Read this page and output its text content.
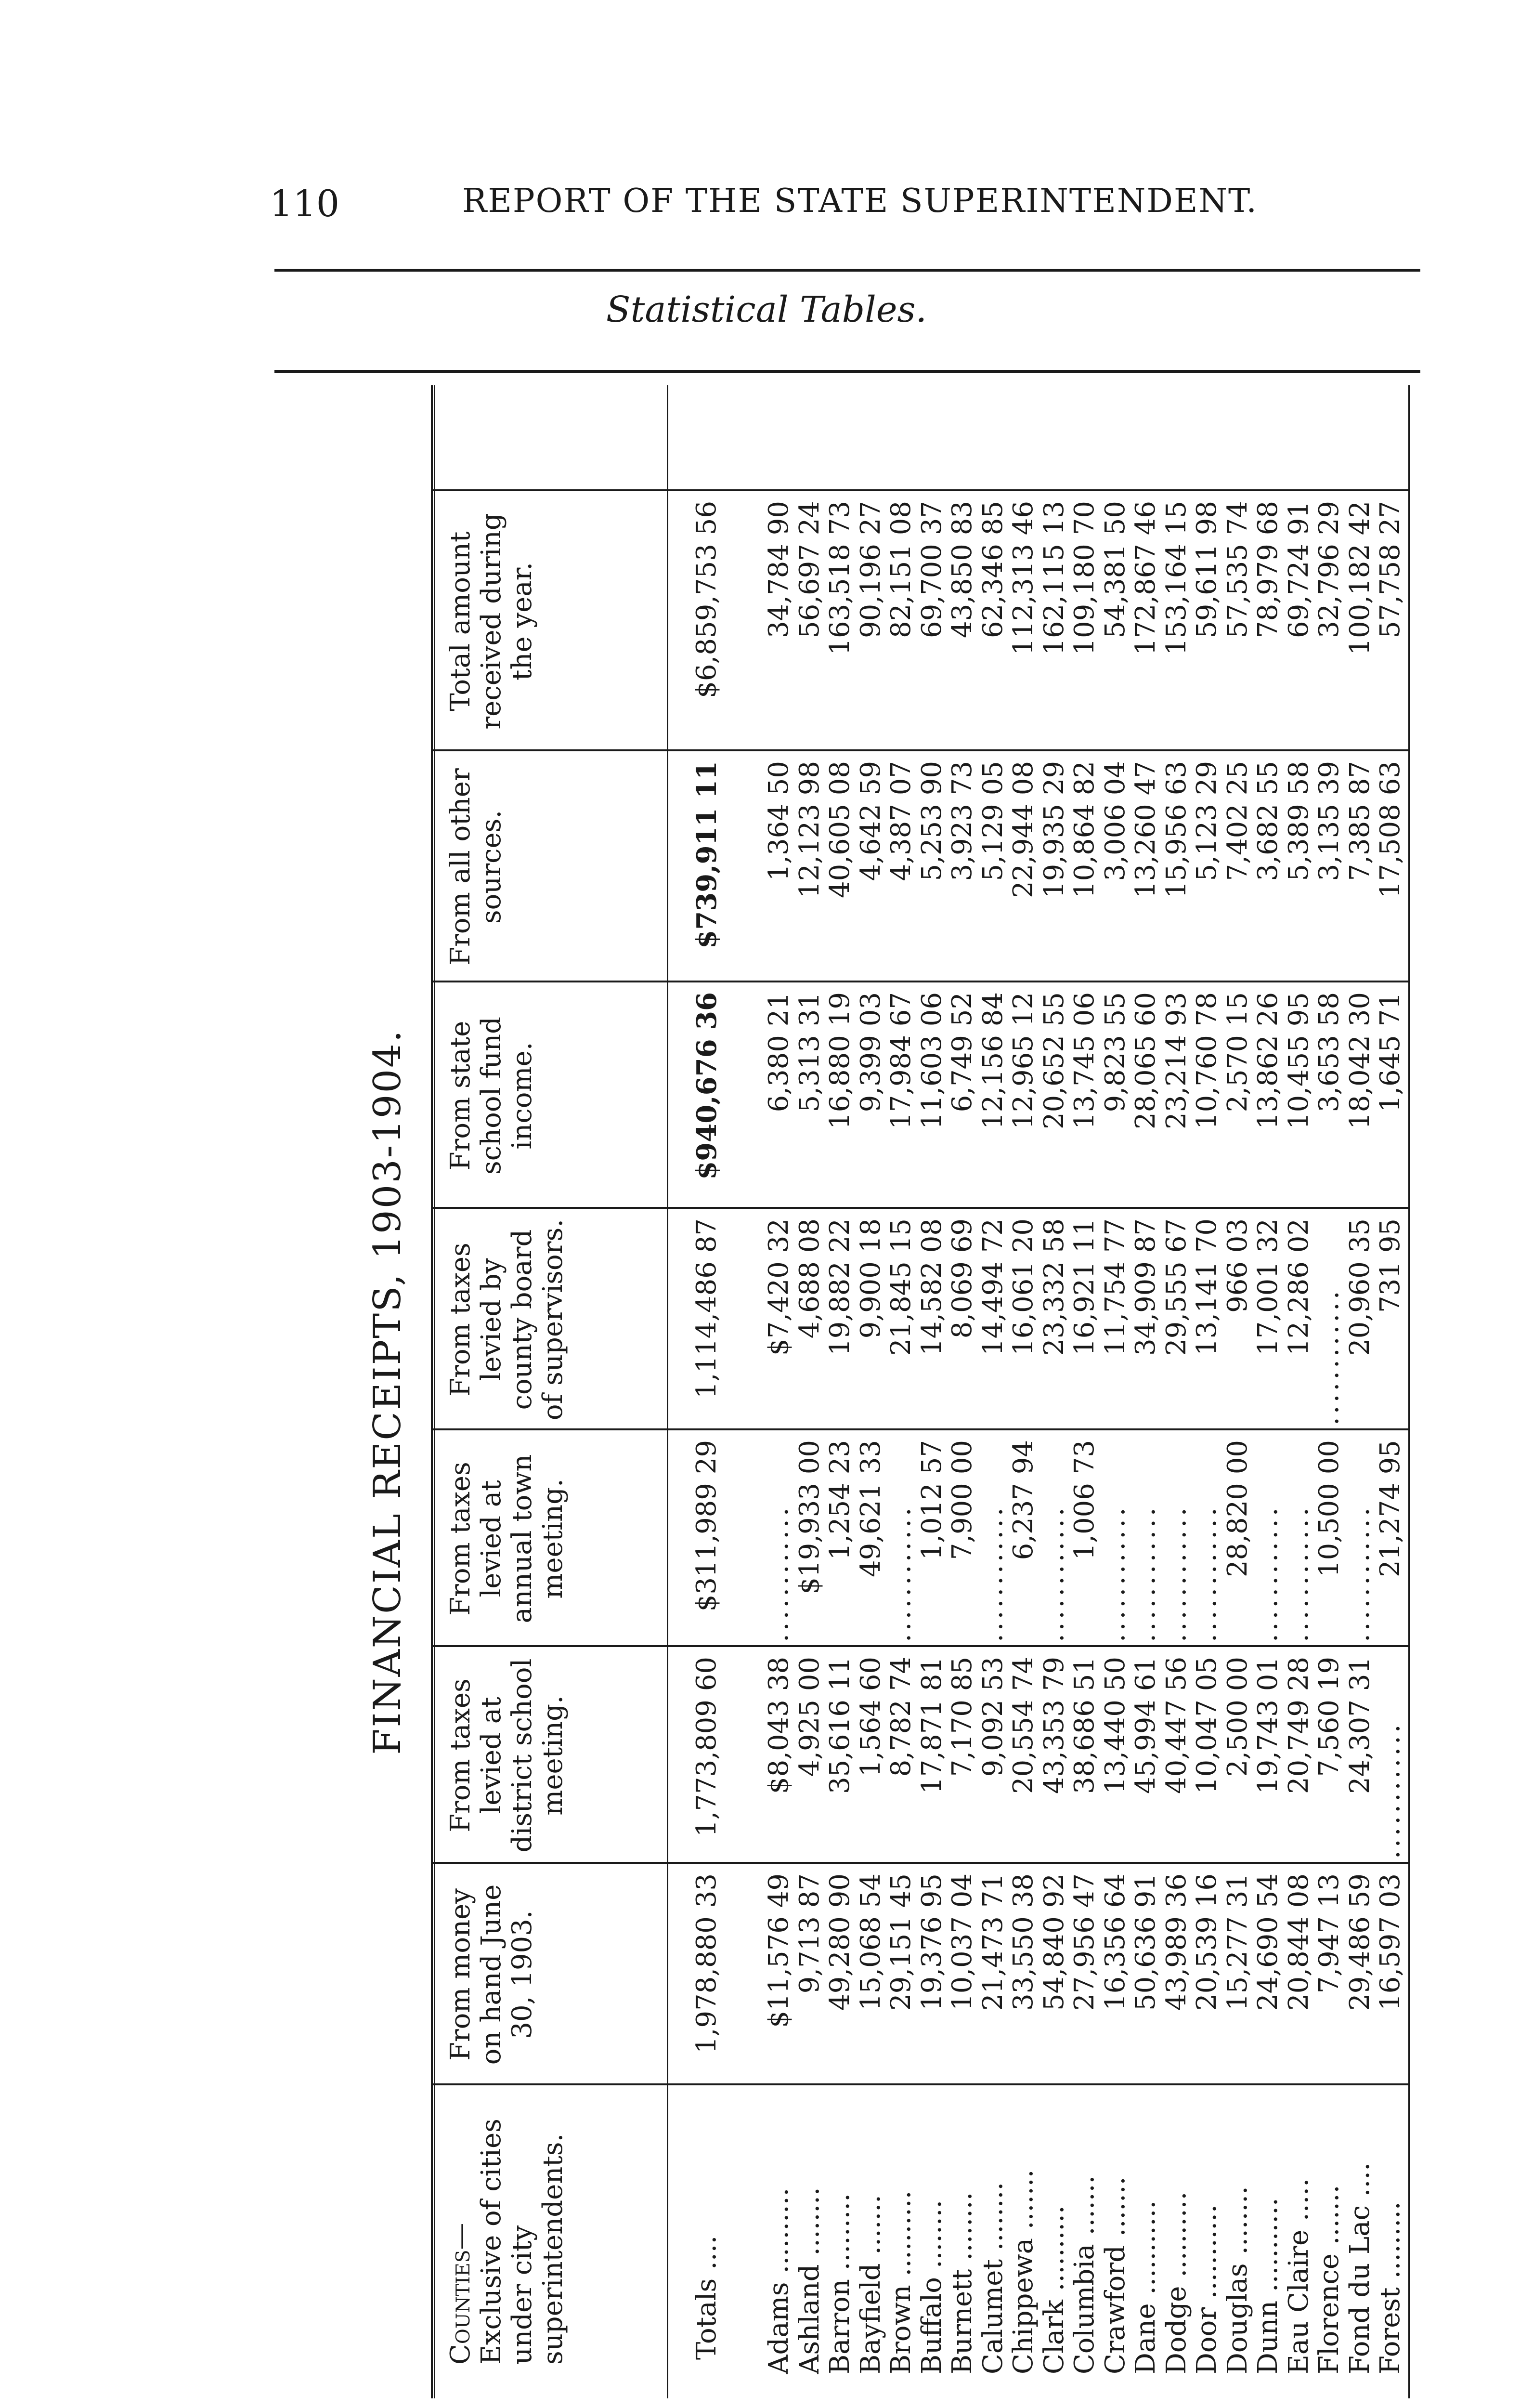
110	REPORT OF THE STATE SUPERINTENDENT.
Statistical Tables.
FINANCIAL RECEIPTS, 1903-1904.
Counties—Exclusive of cities under city superintendents.
From money on hand June 30, 1903.
From taxes levied at district school meeting.
From taxes levied at annual town meeting.
From taxes levied by county board of supervisors.
From state school fund income.
From all other sources.
Total amount received during the year.
Totals ....
1,978,880 33
1,773,809 60
$311,989 29
1,114,486 87
$940,676 36
$739,911 11
$6,859,753 56
Adams ..........
$11,576 49
$8,043 38
............
$7,420 32
6,380 21
1,364 50
34,784 90
Ashland ........
9,713 87
4,925 00
$19,933 00
4,688 08
5,313 31
12,123 98
56,697 24
Barron .........
49,280 90
35,616 11
1,254 23
19,882 22
16,880 19
40,605 08
163,518 73
Bayfield .......
15,068 54
1,564 60
49,621 33
9,900 18
9,399 03
4,642 59
90,196 27
Brown ..........
29,151 45
8,782 74
............
21,845 15
17,984 67
4,387 07
82,151 08
Buffalo ........
19,376 95
17,871 81
1,012 57
14,582 08
11,603 06
5,253 90
69,700 37
Burnett ........
10,037 04
7,170 85
7,900 00
8,069 69
6,749 52
3,923 73
43,850 83
Calumet ........
21,473 71
9,092 53
............
14,494 72
12,156 84
5,129 05
62,346 85
Chippewa .......
33,550 38
20,554 74
6,237 94
16,061 20
12,965 12
22,944 08
112,313 46
Clark ..........
54,840 92
43,353 79
............
23,332 58
20,652 55
19,935 29
162,115 13
Columbia .......
27,956 47
38,686 51
1,006 73
16,921 11
13,745 06
10,864 82
109,180 70
Crawford .......
16,356 64
13,440 50
............
11,754 77
9,823 55
3,006 04
54,381 50
Dane ...........
50,636 91
45,994 61
............
34,909 87
28,065 60
13,260 47
172,867 46
Dodge ..........
43,989 36
40,447 56
............
29,555 67
23,214 93
15,956 63
153,164 15
Door ...........
20,539 16
10,047 05
............
13,141 70
10,760 78
5,123 29
59,611 98
Douglas ........
15,277 31
2,500 00
28,820 00
966 03
2,570 15
7,402 25
57,535 74
Dunn ...........
24,690 54
19,743 01
............
17,001 32
13,862 26
3,682 55
78,979 68
Eau Claire .....
20,844 08
20,749 28
............
12,286 02
10,455 95
5,389 58
69,724 91
Florence .......
7,947 13
7,560 19
10,500 00
............
3,653 58
3,135 39
32,796 29
Fond du Lac ....
29,486 59
24,307 31
............
20,960 35
18,042 30
7,385 87
100,182 42
Forest .........
16,597 03
............
21,274 95
731 95
1,645 71
17,508 63
57,758 27
